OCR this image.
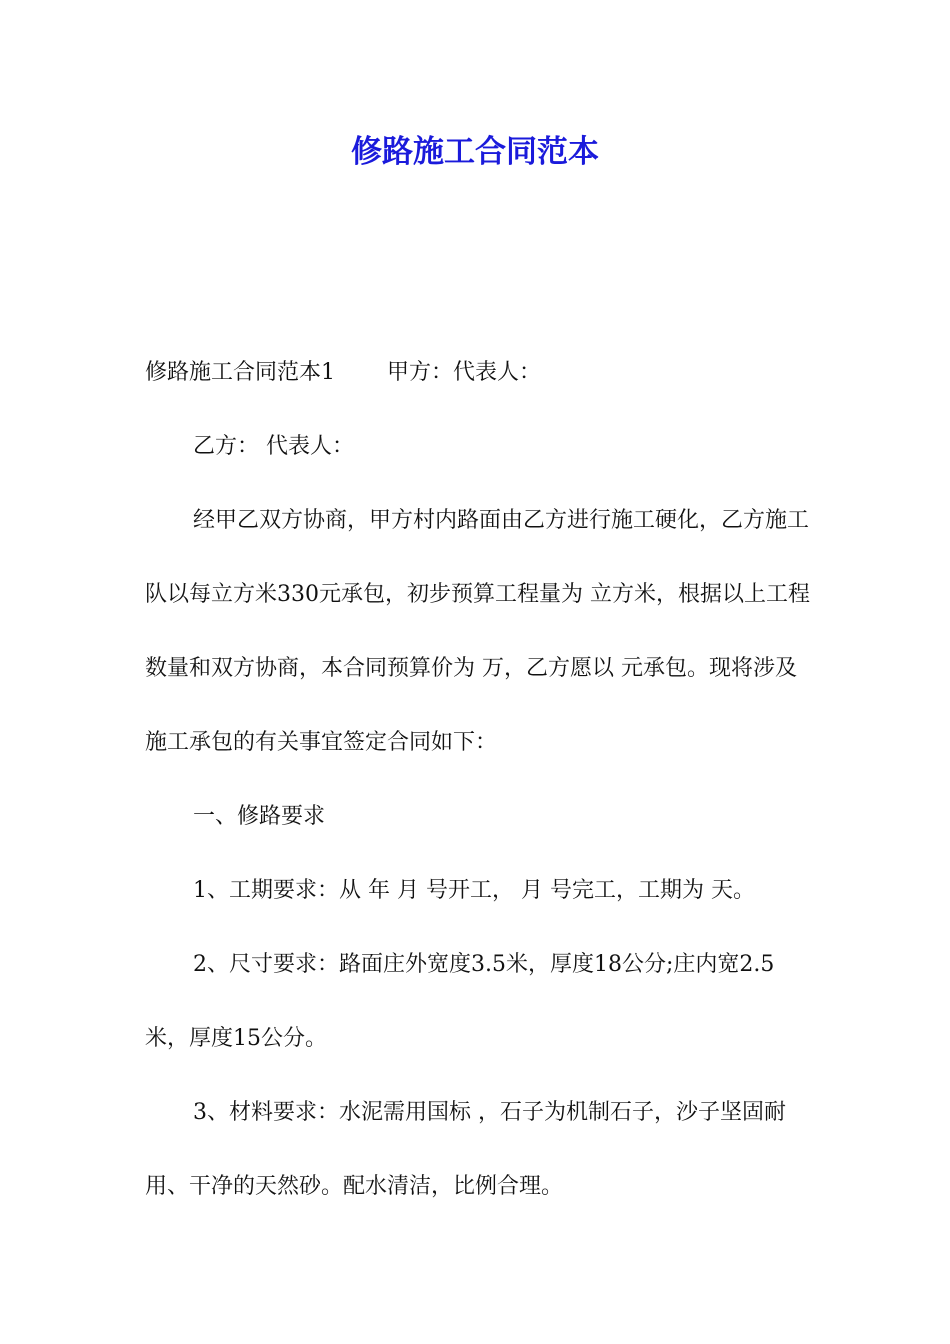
修路施工合同范本

修路施工合同范本1 甲方：代表人：

乙方： 代表人：

经甲乙双方协商，甲方村内路面由乙方进行施工硬化，乙方施工队以每立方米330元承包，初步预算工程量为 立方米，根据以上工程数量和双方协商，本合同预算价为 万，乙方愿以 元承包。现将涉及施工承包的有关事宜签定合同如下：

一、修路要求

1、工期要求：从 年 月 号开工， 月 号完工，工期为 天。

2、尺寸要求：路面庄外宽度3.5米，厚度18公分;庄内宽2.5米，厚度15公分。

3、材料要求：水泥需用国标 ，石子为机制石子，沙子坚固耐用、干净的天然砂。配水清洁，比例合理。
